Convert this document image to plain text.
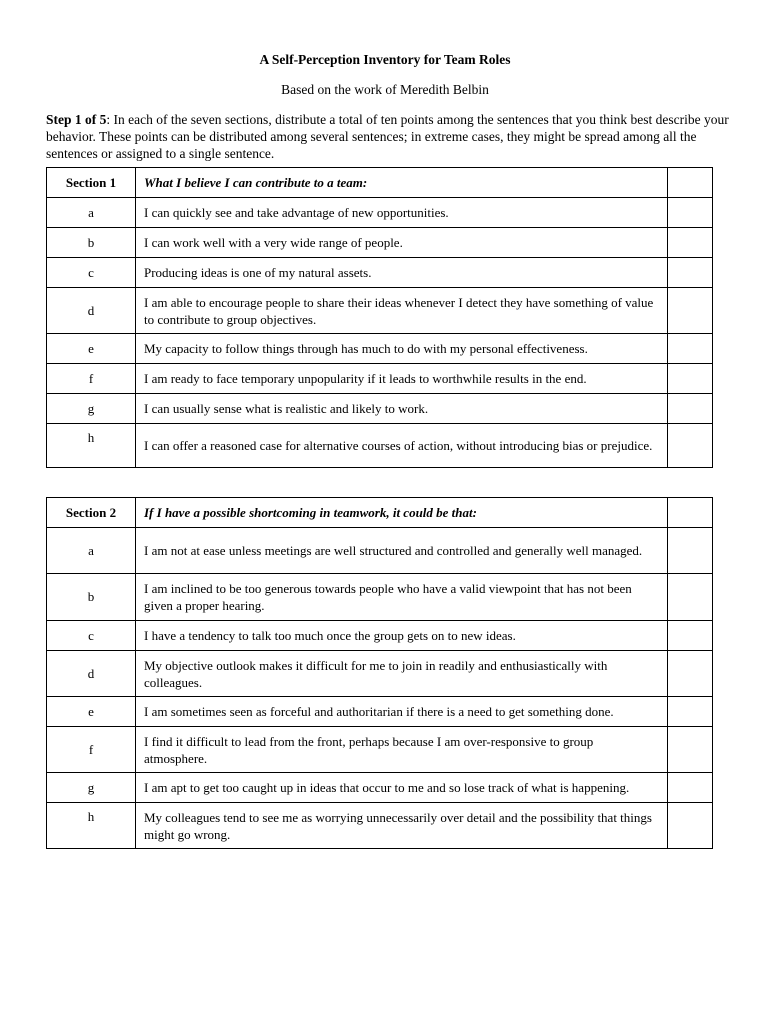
A Self-Perception Inventory for Team Roles
Based on the work of Meredith Belbin
Step 1 of 5: In each of the seven sections, distribute a total of ten points among the sentences that you think best describe your behavior. These points can be distributed among several sentences; in extreme cases, they might be spread among all the sentences or assigned to a single sentence.
Section 1	What I believe I can contribute to a team:	
a	I can quickly see and take advantage of new opportunities.	
b	I can work well with a very wide range of people.	
c	Producing ideas is one of my natural assets.	
d	I am able to encourage people to share their ideas whenever I detect they have something of value to contribute to group objectives.	
e	My capacity to follow things through has much to do with my personal effectiveness.	
f	I am ready to face temporary unpopularity if it leads to worthwhile results in the end.	
g	I can usually sense what is realistic and likely to work.	
h	I can offer a reasoned case for alternative courses of action, without introducing bias or prejudice.	
Section 2	If I have a possible shortcoming in teamwork, it could be that:	
a	I am not at ease unless meetings are well structured and controlled and generally well managed.	
b	I am inclined to be too generous towards people who have a valid viewpoint that has not been given a proper hearing.	
c	I have a tendency to talk too much once the group gets on to new ideas.	
d	My objective outlook makes it difficult for me to join in readily and enthusiastically with colleagues.	
e	I am sometimes seen as forceful and authoritarian if there is a need to get something done.	
f	I find it difficult to lead from the front, perhaps because I am over-responsive to group atmosphere.	
g	I am apt to get too caught up in ideas that occur to me and so lose track of what is happening.	
h	My colleagues tend to see me as worrying unnecessarily over detail and the possibility that things might go wrong.	
